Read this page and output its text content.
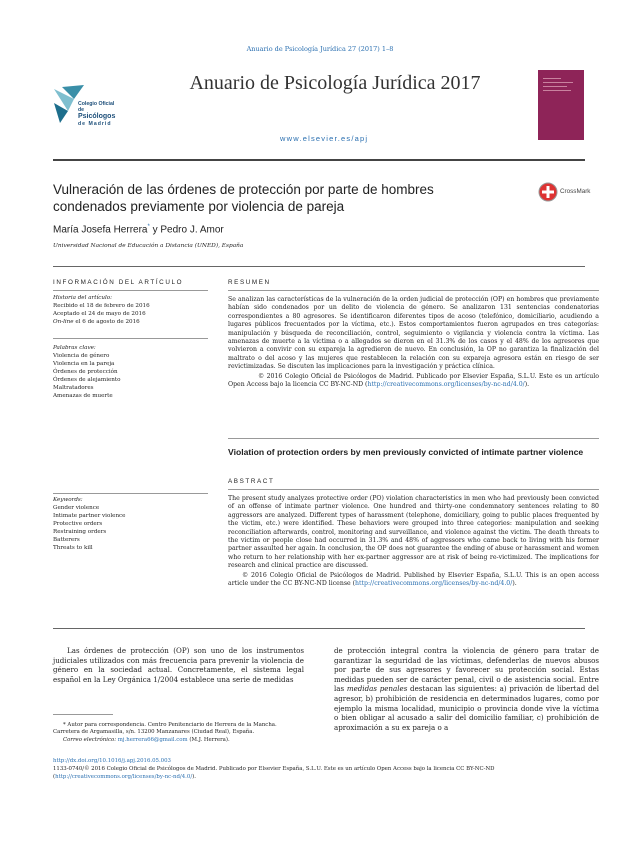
Anuario de Psicología Jurídica 27 (2017) 1–8
Colegio Oficial
de
Psicólogos
de Madrid
Anuario de Psicología Jurídica 2017
www.elsevier.es/apj
Vulneración de las órdenes de protección por parte de hombres condenados previamente por violencia de pareja
CrossMark
María Josefa Herrera* y Pedro J. Amor
Universidad Nacional de Educación a Distancia (UNED), España
INFORMACIÓN DEL ARTÍCULO
Historia del artículo:
Recibido el 18 de febrero de 2016
Aceptado el 24 de mayo de 2016
On-line el 6 de agosto de 2016
Palabras clave:
Violencia de género
Violencia en la pareja
Órdenes de protección
Órdenes de alejamiento
Maltratadores
Amenazas de muerte
Keywords:
Gender violence
Intimate partner violence
Protective orders
Restraining orders
Batterers
Threats to kill
RESUMEN

Se analizan las características de la vulneración de la orden judicial de protección (OP) en hombres que previamente habían sido condenados por un delito de violencia de género. Se analizaron 131 sentencias condenatorias correspondientes a 80 agresores. Se identificaron diferentes tipos de acoso (telefónico, domiciliario, acudiendo a lugares públicos frecuentados por la víctima, etc.). Estos comportamientos fueron agrupados en tres categorías: manipulación y búsqueda de reconciliación, control, seguimiento o vigilancia y violencia contra la víctima. Las amenazas de muerte a la víctima o a allegados se dieron en el 31.3% de los casos y el 48% de los agresores que volvieron a convivir con su expareja la agredieron de nuevo. En conclusión, la OP no garantiza la finalización del maltrato o del acoso y las mujeres que restablecen la relación con su expareja agresora están en riesgo de ser revictimizadas. Se discuten las implicaciones para la investigación y práctica clínica.

© 2016 Colegio Oficial de Psicólogos de Madrid. Publicado por Elsevier España, S.L.U. Este es un artículo Open Access bajo la licencia CC BY-NC-ND (http://creativecommons.org/licenses/by-nc-nd/4.0/).

Violation of protection orders by men previously convicted of intimate partner violence
ABSTRACT

The present study analyzes protective order (PO) violation characteristics in men who had previously been convicted of an offense of intimate partner violence. One hundred and thirty-one condemnatory sentences relating to 80 aggressors are analyzed. Different types of harassment (telephone, domiciliary, going to public places frequented by the victim, etc.) were identified. These behaviors were grouped into three categories: manipulation and seeking reconciliation afterwards, control, monitoring and surveillance, and violence against the victim. The death threats to the victim or people close had occurred in 31.3% and 48% of aggressors who came back to living with his former partner assaulted her again. In conclusion, the OP does not guarantee the ending of abuse or harassment and women who return to her relationship with her ex-partner aggressor are at risk of being re-victimized. The implications for research and clinical practice are discussed.

© 2016 Colegio Oficial de Psicólogos de Madrid. Published by Elsevier España, S.L.U. This is an open access article under the CC BY-NC-ND license (http://creativecommons.org/licenses/by-nc-nd/4.0/).

Las órdenes de protección (OP) son uno de los instrumentos judiciales utilizados con más frecuencia para prevenir la violencia de género en la sociedad actual. Concretamente, el sistema legal español en la Ley Orgánica 1/2004 establece una serie de medidas

de protección integral contra la violencia de género para tratar de garantizar la seguridad de las víctimas, defenderlas de nuevos abusos por parte de sus agresores y favorecer su protección social. Estas medidas pueden ser de carácter penal, civil o de asistencia social. Entre las medidas penales destacan las siguientes: a) privación de libertad del agresor, b) prohibición de residencia en determinados lugares, como por ejemplo la misma localidad, municipio o provincia donde vive la víctima o bien obligar al acusado a salir del domicilio familiar, c) prohibición de aproximación a su ex pareja o a

* Autor para correspondencia. Centro Penitenciario de Herrera de la Mancha. Carretera de Argamasilla, s/n. 13200 Manzanares (Ciudad Real), España.
Correo electrónico: mj.herrera66@gmail.com (M.J. Herrera).
http://dx.doi.org/10.1016/j.apj.2016.05.003
1133-0740/© 2016 Colegio Oficial de Psicólogos de Madrid. Publicado por Elsevier España, S.L.U. Este es un artículo Open Access bajo la licencia CC BY-NC-ND (http://creativecommons.org/licenses/by-nc-nd/4.0/).
